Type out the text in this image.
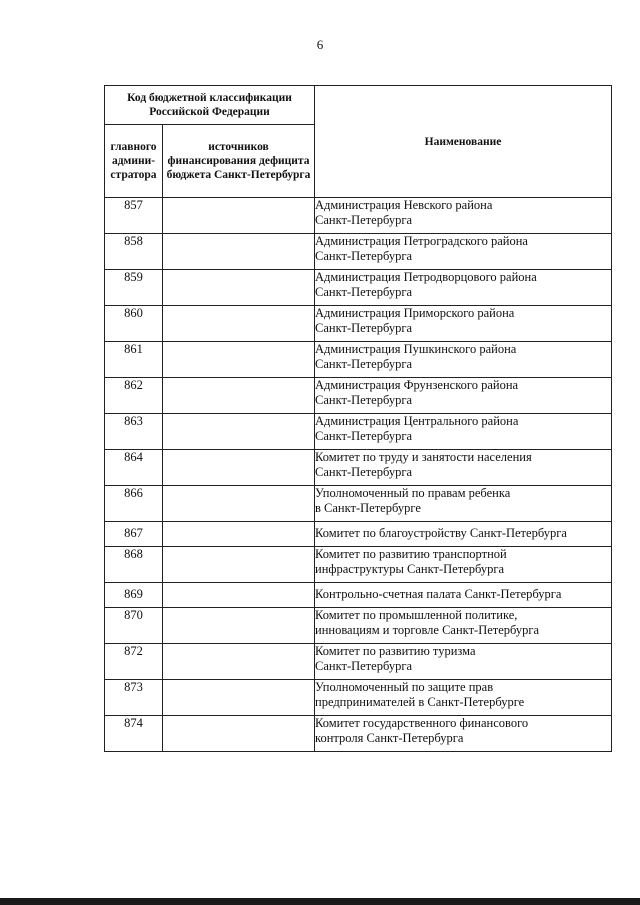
6
Код бюджетной классификации Российской Федерации		Наименование
главного админи-стратора	источников финансирования дефицита бюджета Санкт-Петербурга	
857		Администрация Невского района
Санкт-Петербурга

858		Администрация Петроградского района
Санкт-Петербурга

859		Администрация Петродворцового района
Санкт-Петербурга

860		Администрация Приморского района
Санкт-Петербурга

861		Администрация Пушкинского района
Санкт-Петербурга

862		Администрация Фрунзенского района
Санкт-Петербурга

863		Администрация Центрального района
Санкт-Петербурга

864		Комитет по труду и занятости населения
Санкт-Петербурга

866		Уполномоченный по правам ребенка
в Санкт-Петербурге

867		Комитет по благоустройству Санкт-Петербурга

868		Комитет по развитию транспортной
инфраструктуры Санкт-Петербурга

869		Контрольно-счетная палата Санкт-Петербурга

870		Комитет по промышленной политике,
инновациям и торговле Санкт-Петербурга

872		Комитет по развитию туризма
Санкт-Петербурга

873		Уполномоченный по защите прав
предпринимателей в Санкт-Петербурге

874		Комитет государственного финансового
контроля Санкт-Петербурга
